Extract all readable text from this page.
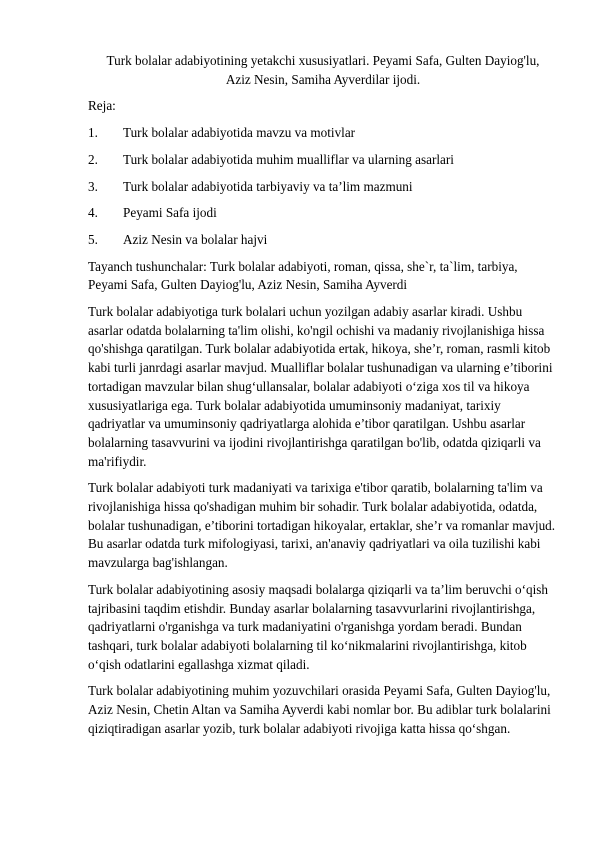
Turk bolalar adabiyotining yetakchi xususiyatlari. Peyami Safa, Gulten Dayiog'lu,
Aziz Nesin, Samiha Ayverdilar ijodi.

Reja:

1.	Turk bolalar adabiyotida mavzu va motivlar
2.	Turk bolalar adabiyotida muhim mualliflar va ularning asarlari
3.	Turk bolalar adabiyotida tarbiyaviy va ta’lim mazmuni
4.	Peyami Safa ijodi
5.	Aziz Nesin va bolalar hajvi

Tayanch tushunchalar: Turk bolalar adabiyoti, roman, qissa, she`r, ta`lim, tarbiya, Peyami Safa, Gulten Dayiog'lu, Aziz Nesin, Samiha Ayverdi

Turk bolalar adabiyotiga turk bolalari uchun yozilgan adabiy asarlar kiradi. Ushbu asarlar odatda bolalarning ta'lim olishi, ko'ngil ochishi va madaniy rivojlanishiga hissa qo'shishga qaratilgan. Turk bolalar adabiyotida ertak, hikoya, she’r, roman, rasmli kitob kabi turli janrdagi asarlar mavjud. Mualliflar bolalar tushunadigan va ularning e’tiborini tortadigan mavzular bilan shug‘ullansalar, bolalar adabiyoti o‘ziga xos til va hikoya xususiyatlariga ega. Turk bolalar adabiyotida umuminsoniy madaniyat, tarixiy qadriyatlar va umuminsoniy qadriyatlarga alohida e’tibor qaratilgan. Ushbu asarlar bolalarning tasavvurini va ijodini rivojlantirishga qaratilgan bo'lib, odatda qiziqarli va ma'rifiydir.

Turk bolalar adabiyoti turk madaniyati va tarixiga e'tibor qaratib, bolalarning ta'lim va rivojlanishiga hissa qo'shadigan muhim bir sohadir. Turk bolalar adabiyotida, odatda, bolalar tushunadigan, e’tiborini tortadigan hikoyalar, ertaklar, she’r va romanlar mavjud. Bu asarlar odatda turk mifologiyasi, tarixi, an'anaviy qadriyatlari va oila tuzilishi kabi mavzularga bag'ishlangan.

Turk bolalar adabiyotining asosiy maqsadi bolalarga qiziqarli va ta’lim beruvchi o‘qish tajribasini taqdim etishdir. Bunday asarlar bolalarning tasavvurlarini rivojlantirishga, qadriyatlarni o'rganishga va turk madaniyatini o'rganishga yordam beradi. Bundan tashqari, turk bolalar adabiyoti bolalarning til ko‘nikmalarini rivojlantirishga, kitob o‘qish odatlarini egallashga xizmat qiladi.

Turk bolalar adabiyotining muhim yozuvchilari orasida Peyami Safa, Gulten Dayiog'lu, Aziz Nesin, Chetin Altan va Samiha Ayverdi kabi nomlar bor. Bu adiblar turk bolalarini qiziqtiradigan asarlar yozib, turk bolalar adabiyoti rivojiga katta hissa qo‘shgan.
